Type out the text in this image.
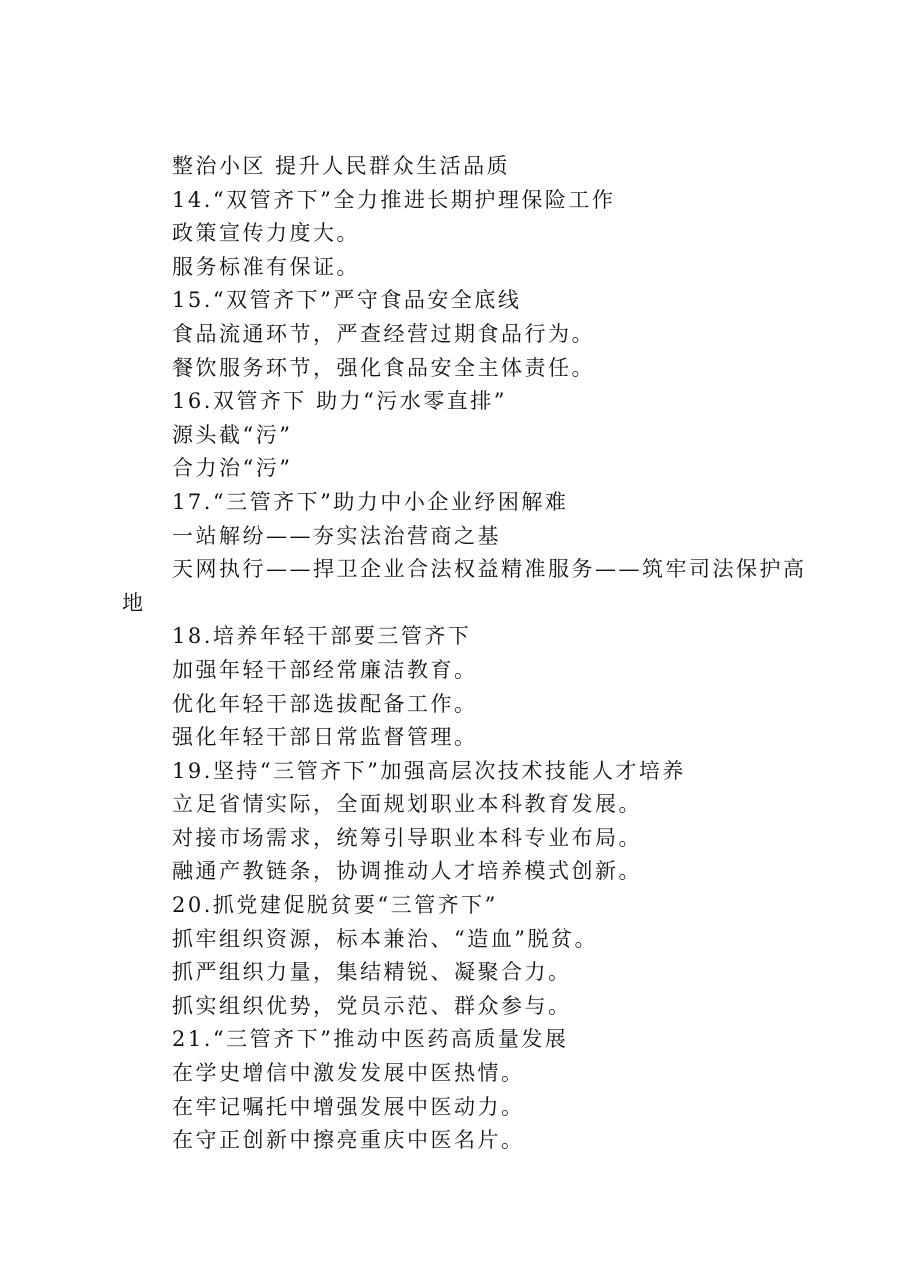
整治小区 提升人民群众生活品质

14.“双管齐下”全力推进长期护理保险工作

政策宣传力度大。

服务标准有保证。

15.“双管齐下”严守食品安全底线

食品流通环节，严查经营过期食品行为。

餐饮服务环节，强化食品安全主体责任。

16.双管齐下 助力“污水零直排”

源头截“污”

合力治“污”

17.“三管齐下”助力中小企业纾困解难

一站解纷——夯实法治营商之基

天网执行——捍卫企业合法权益精准服务——筑牢司法保护高地

18.培养年轻干部要三管齐下

加强年轻干部经常廉洁教育。

优化年轻干部选拔配备工作。

强化年轻干部日常监督管理。

19.坚持“三管齐下”加强高层次技术技能人才培养

立足省情实际，全面规划职业本科教育发展。

对接市场需求，统筹引导职业本科专业布局。

融通产教链条，协调推动人才培养模式创新。

20.抓党建促脱贫要“三管齐下”

抓牢组织资源，标本兼治、“造血”脱贫。

抓严组织力量，集结精锐、凝聚合力。

抓实组织优势，党员示范、群众参与。

21.“三管齐下”推动中医药高质量发展

在学史增信中激发发展中医热情。

在牢记嘱托中增强发展中医动力。

在守正创新中擦亮重庆中医名片。
